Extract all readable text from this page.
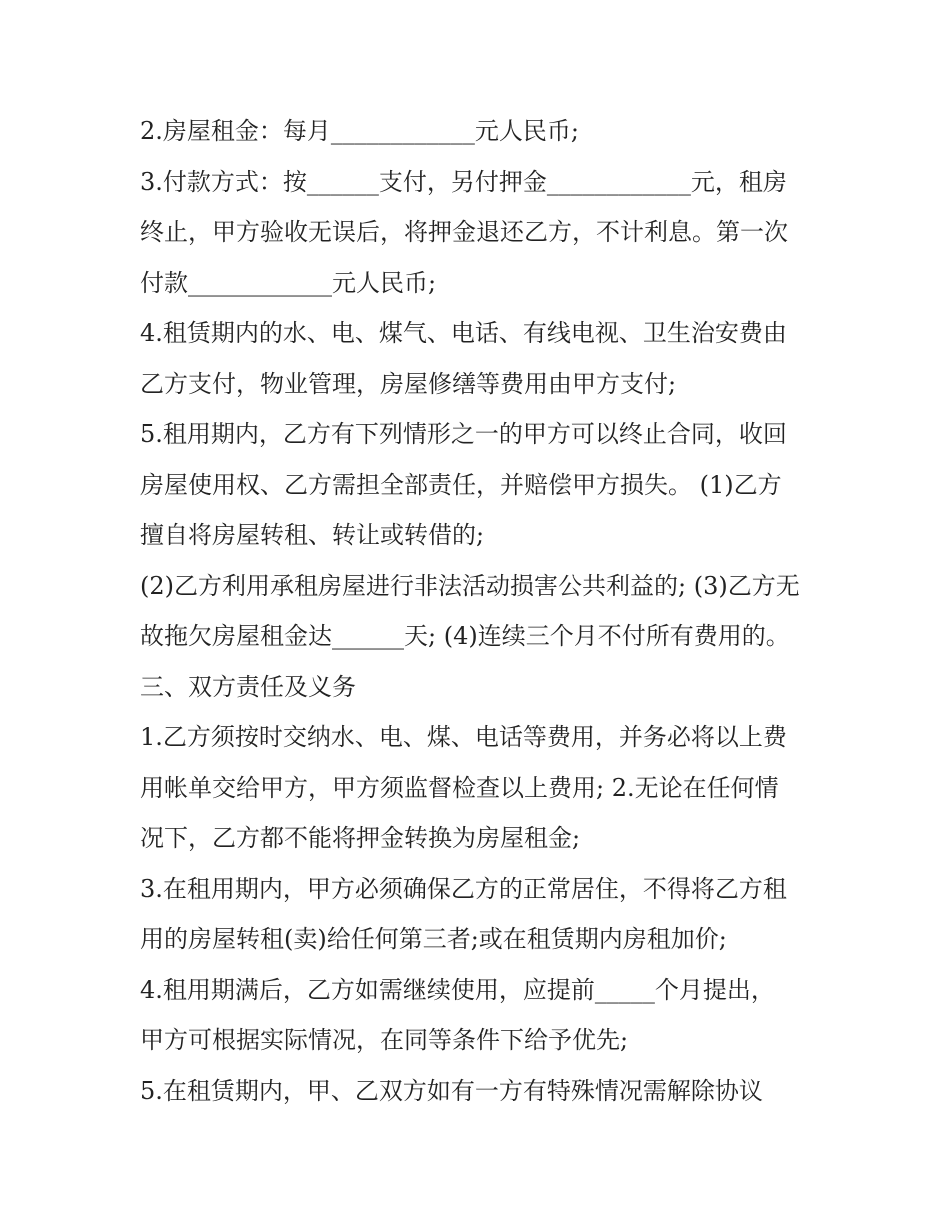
2.房屋租金：每月____________元人民币;
3.付款方式：按______支付，另付押金____________元，租房
终止，甲方验收无误后，将押金退还乙方，不计利息。第一次
付款____________元人民币;
4.租赁期内的水、电、煤气、电话、有线电视、卫生治安费由
乙方支付，物业管理，房屋修缮等费用由甲方支付;
5.租用期内，乙方有下列情形之一的甲方可以终止合同，收回
房屋使用权、乙方需担全部责任，并赔偿甲方损失。 (1)乙方
擅自将房屋转租、转让或转借的;
(2)乙方利用承租房屋进行非法活动损害公共利益的; (3)乙方无
故拖欠房屋租金达______天; (4)连续三个月不付所有费用的。
三、双方责任及义务
1.乙方须按时交纳水、电、煤、电话等费用，并务必将以上费
用帐单交给甲方，甲方须监督检查以上费用; 2.无论在任何情
况下，乙方都不能将押金转换为房屋租金;
3.在租用期内，甲方必须确保乙方的正常居住，不得将乙方租
用的房屋转租(卖)给任何第三者;或在租赁期内房租加价;
4.租用期满后，乙方如需继续使用，应提前_____个月提出，
甲方可根据实际情况，在同等条件下给予优先;
5.在租赁期内，甲、乙双方如有一方有特殊情况需解除协议
